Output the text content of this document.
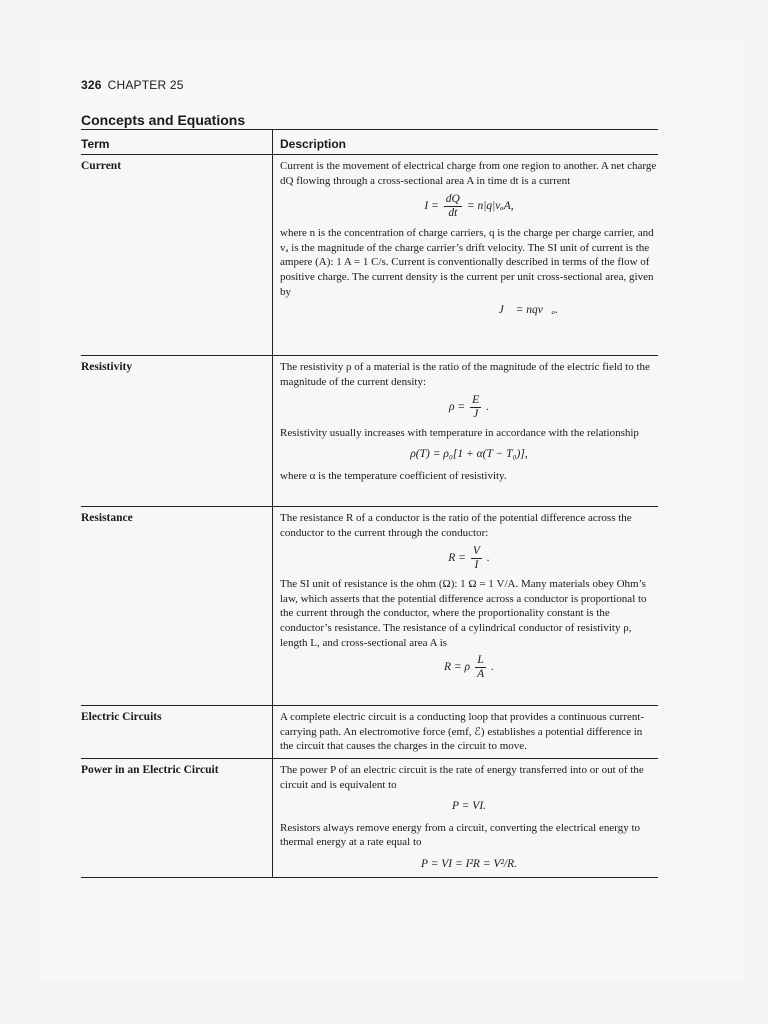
326 CHAPTER 25
Concepts and Equations
Term	Description
Current	Current is the movement of electrical charge from one region to another. A net charge dQ flowing through a cross-sectional area A in time dt is a current

$I = \frac{dQ}{dt} = n|q|v_aA$,

where n is the concentration of charge carriers, q is the charge per charge carrier, and vₐ is the magnitude of the charge carrier’s drift velocity. The SI unit of current is the ampere (A): 1 A = 1 C/s. Current is conventionally described in terms of the flow of positive charge. The current density is the current per unit cross-sectional area, given by

J⃗ = nqv⃗ₐ.
Resistivity	The resistivity ρ of a material is the ratio of the magnitude of the electric field to the magnitude of the current density:

$\rho = \frac{E}{J}$ .

Resistivity usually increases with temperature in accordance with the relationship

ρ(T) = ρ₀[1 + α(T − T₀)],

where α is the temperature coefficient of resistivity.

Resistance	The resistance R of a conductor is the ratio of the potential difference across the conductor to the current through the conductor:

$R = \frac{V}{I}$ .

The SI unit of resistance is the ohm (Ω): 1 Ω = 1 V/A. Many materials obey Ohm’s law, which asserts that the potential difference across a conductor is proportional to the current through the conductor, where the proportionality constant is the conductor’s resistance. The resistance of a cylindrical conductor of resistivity ρ, length L, and cross-sectional area A is

R = ρ $\frac{L}{A}$ .
Electric Circuits	A complete electric circuit is a conducting loop that provides a continuous current-carrying path. An electromotive force (emf, ℰ) establishes a potential difference in the circuit that causes the charges in the circuit to move.

Power in an Electric Circuit	The power P of an electric circuit is the rate of energy transferred into or out of the circuit and is equivalent to

P = VI.

Resistors always remove energy from a circuit, converting the electrical energy to thermal energy at a rate equal to

P = VI = I²R = V²/R.
